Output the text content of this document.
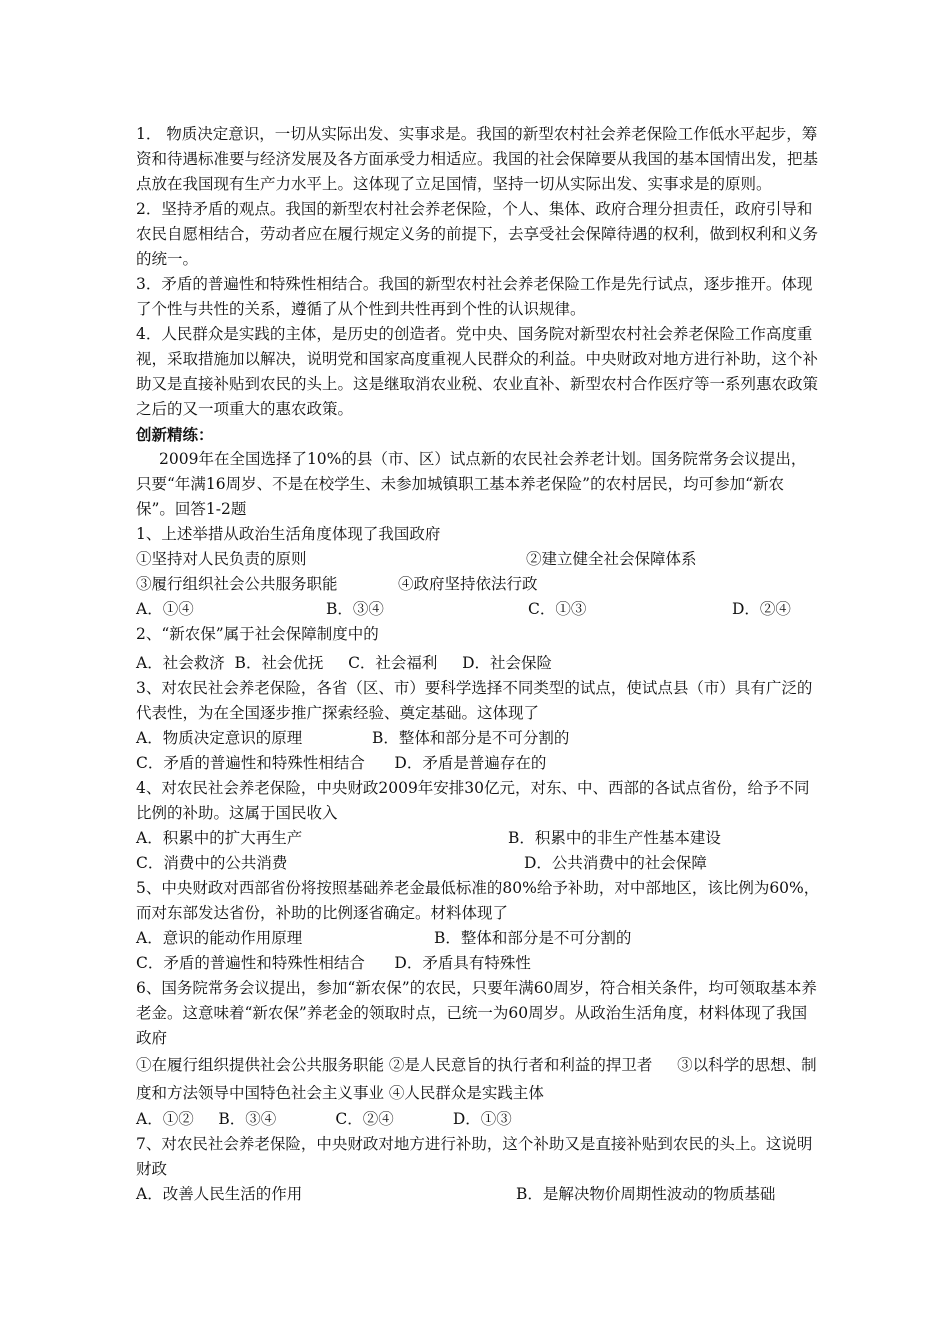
1． 物质决定意识，一切从实际出发、实事求是。我国的新型农村社会养老保险工作低水平起步，筹资和待遇标准要与经济发展及各方面承受力相适应。我国的社会保障要从我国的基本国情出发，把基点放在我国现有生产力水平上。这体现了立足国情，坚持一切从实际出发、实事求是的原则。

2．坚持矛盾的观点。我国的新型农村社会养老保险，个人、集体、政府合理分担责任，政府引导和农民自愿相结合，劳动者应在履行规定义务的前提下，去享受社会保障待遇的权利，做到权利和义务的统一。

3．矛盾的普遍性和特殊性相结合。我国的新型农村社会养老保险工作是先行试点，逐步推开。体现了个性与共性的关系，遵循了从个性到共性再到个性的认识规律。

4．人民群众是实践的主体，是历史的创造者。党中央、国务院对新型农村社会养老保险工作高度重视，采取措施加以解决，说明党和国家高度重视人民群众的利益。中央财政对地方进行补助，这个补助又是直接补贴到农民的头上。这是继取消农业税、农业直补、新型农村合作医疗等一系列惠农政策之后的又一项重大的惠农政策。

创新精练：

2009年在全国选择了10%的县（市、区）试点新的农民社会养老计划。国务院常务会议提出，只要“年满16周岁、不是在校学生、未参加城镇职工基本养老保险”的农村居民，均可参加“新农保”。回答1-2题

1、上述举措从政治生活角度体现了我国政府

①坚持对人民负责的原则	②建立健全社会保障体系
③履行组织社会公共服务职能	④政府坚持依法行政
A．①④	B．③④	C．①③	D．②④

2、“新农保”属于社会保障制度中的

A．社会救济  B．社会优抚     C．社会福利     D．社会保险

3、对农民社会养老保险，各省（区、市）要科学选择不同类型的试点，使试点县（市）具有广泛的代表性，为在全国逐步推广探索经验、奠定基础。这体现了

A．物质决定意识的原理	B．整体和部分是不可分割的

C．矛盾的普遍性和特殊性相结合      D．矛盾是普遍存在的

4、对农民社会养老保险，中央财政2009年安排30亿元，对东、中、西部的各试点省份，给予不同比例的补助。这属于国民收入

A．积累中的扩大再生产	B．积累中的非生产性基本建设
C．消费中的公共消费	D．公共消费中的社会保障

5、中央财政对西部省份将按照基础养老金最低标准的80%给予补助，对中部地区，该比例为60%，而对东部发达省份，补助的比例逐省确定。材料体现了

A．意识的能动作用原理	B．整体和部分是不可分割的

C．矛盾的普遍性和特殊性相结合      D．矛盾具有特殊性

6、国务院常务会议提出，参加“新农保”的农民，只要年满60周岁，符合相关条件，均可领取基本养老金。这意味着“新农保”养老金的领取时点，已统一为60周岁。从政治生活角度，材料体现了我国政府

①在履行组织提供社会公共服务职能 ②是人民意旨的执行者和利益的捍卫者     ③以科学的思想、制度和方法领导中国特色社会主义事业 ④人民群众是实践主体

A．①②     B．③④            C．②④            D．①③

7、对农民社会养老保险，中央财政对地方进行补助，这个补助又是直接补贴到农民的头上。这说明财政

A．改善人民生活的作用	B．是解决物价周期性波动的物质基础
